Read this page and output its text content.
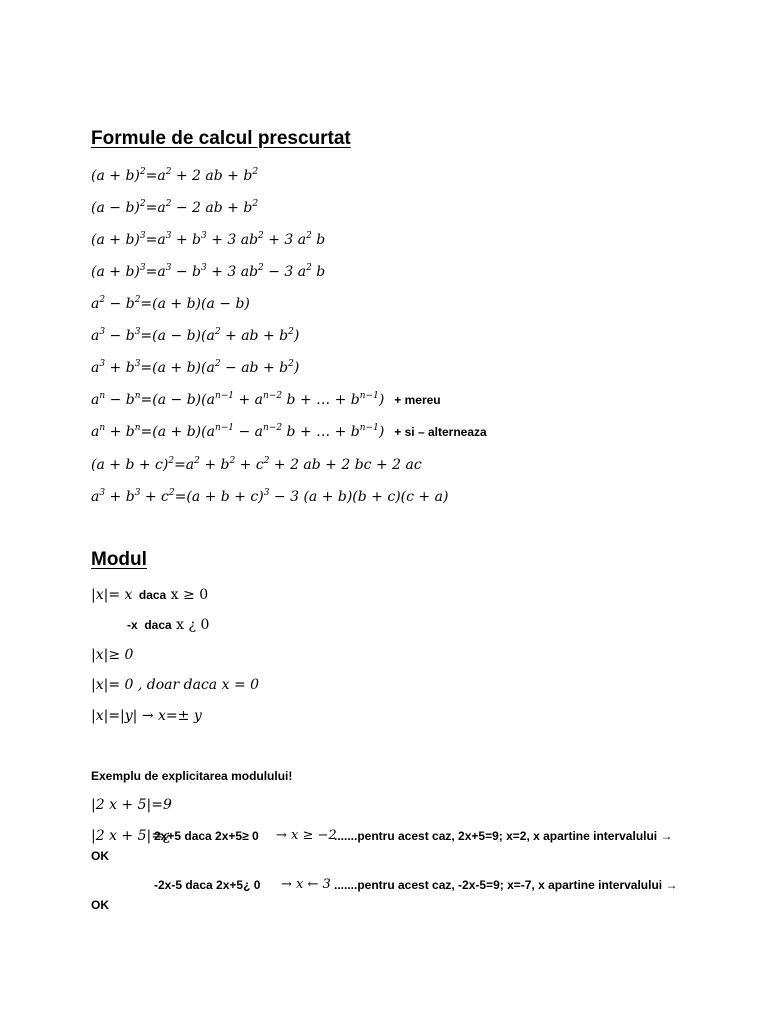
Formule de calcul prescurtat
$(a + b)^2=a^2 + 2$ ab + $b^2$
$(a - b)^2=a^2 - 2$ ab + $b^2$
$(a + b)^3=a^3 + b^3 + 3$ $ab^2 + 3$ $a^2$ b
$(a + b)^3=a^3 - b^3 + 3$ $ab^2 - 3$ $a^2$ b
$a^2 - b^2=(a + b)(a - b)$
$a^3 - b^3=(a - b)(a^2$ + ab + $b^2$)
$a^3 + b^3=(a + b)(a^2$ − ab + $b^2$)
$a^n - b^n=(a - b)(a^{n-1} + a^{n-2}$ b + … + $b^{n-1}$) + mereu
$a^n + b^n=(a + b)(a^{n-1} - a^{n-2}$ b + … + $b^{n-1}$) + si – alterneaza
$(a + b + c)^2=a^2 + b^2 + c^2 + 2$ ab + 2 bc + 2 ac
$a^3 + b^3 + c^2=(a + b + c)^3 - 3$ (a + b)(b + c)(c + a)
Modul
|x|= x daca x ≥ 0
-x  daca x ¿ 0
|x|≥ 0
|x|= 0 , doar daca x = 0
|x|=|y| → x=± y
Exemplu de explicitarea modulului!
|2 x + 5|=9
|2 x + 5|=¿
2x+5 daca 2x+5≥ 0 → x ≥ −2
.......pentru acest caz, 2x+5=9; x=2, x apartine intervalului →
OK
-2x-5 daca 2x+5¿ 0 → x ← 3 .......pentru acest caz, -2x-5=9; x=-7, x apartine intervalului →
OK
